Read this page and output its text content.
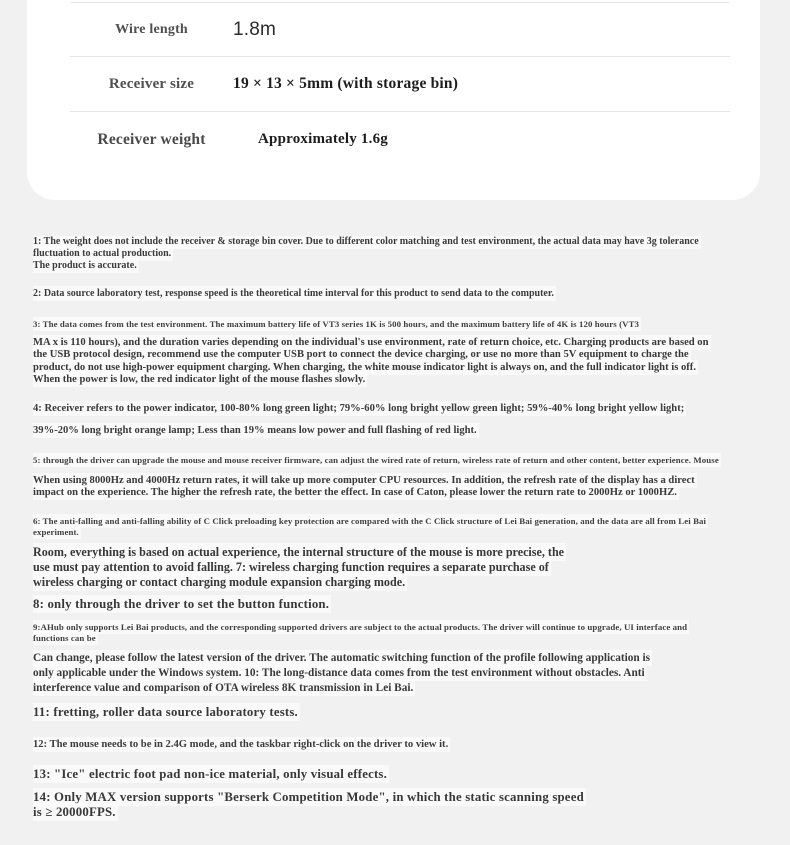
Wire length	1.8m
Receiver size	19 × 13 × 5mm (with storage bin)
Receiver weight	Approximately 1.6g
1: The weight does not include the receiver & storage bin cover. Due to different color matching and test environment, the actual data may have 3g tolerance
fluctuation to actual production.
The product is accurate.
2: Data source laboratory test, response speed is the theoretical time interval for this product to send data to the computer.
3: The data comes from the test environment. The maximum battery life of VT3 series 1K is 500 hours, and the maximum battery life of 4K is 120 hours (VT3
MA x is 110 hours), and the duration varies depending on the individual's use environment, rate of return choice, etc. Charging products are based on
the USB protocol design, recommend use the computer USB port to connect the device charging, or use no more than 5V equipment to charge the
product, do not use high-power equipment charging. When charging, the white mouse indicator light is always on, and the full indicator light is off.
When the power is low, the red indicator light of the mouse flashes slowly.
4: Receiver refers to the power indicator, 100-80% long green light; 79%-60% long bright yellow green light; 59%-40% long bright yellow light;
39%-20% long bright orange lamp; Less than 19% means low power and full flashing of red light.
5: through the driver can upgrade the mouse and mouse receiver firmware, can adjust the wired rate of return, wireless rate of return and other content, better experience. Mouse
When using 8000Hz and 4000Hz return rates, it will take up more computer CPU resources. In addition, the refresh rate of the display has a direct
impact on the experience. The higher the refresh rate, the better the effect. In case of Caton, please lower the return rate to 2000Hz or 1000HZ.
6: The anti-falling and anti-falling ability of C Click preloading key protection are compared with the C Click structure of Lei Bai generation, and the data are all from Lei Bai
experiment.
Room, everything is based on actual experience, the internal structure of the mouse is more precise, the
use must pay attention to avoid falling. 7: wireless charging function requires a separate purchase of
wireless charging or contact charging module expansion charging mode.
8: only through the driver to set the button function.
9:AHub only supports Lei Bai products, and the corresponding supported drivers are subject to the actual products. The driver will continue to upgrade, UI interface and
functions can be
Can change, please follow the latest version of the driver. The automatic switching function of the profile following application is
only applicable under the Windows system. 10: The long-distance data comes from the test environment without obstacles. Anti
interference value and comparison of OTA wireless 8K transmission in Lei Bai.
11: fretting, roller data source laboratory tests.
12: The mouse needs to be in 2.4G mode, and the taskbar right-click on the driver to view it.
13: "Ice" electric foot pad non-ice material, only visual effects.
14: Only MAX version supports "Berserk Competition Mode", in which the static scanning speed
is ≥ 20000FPS.
